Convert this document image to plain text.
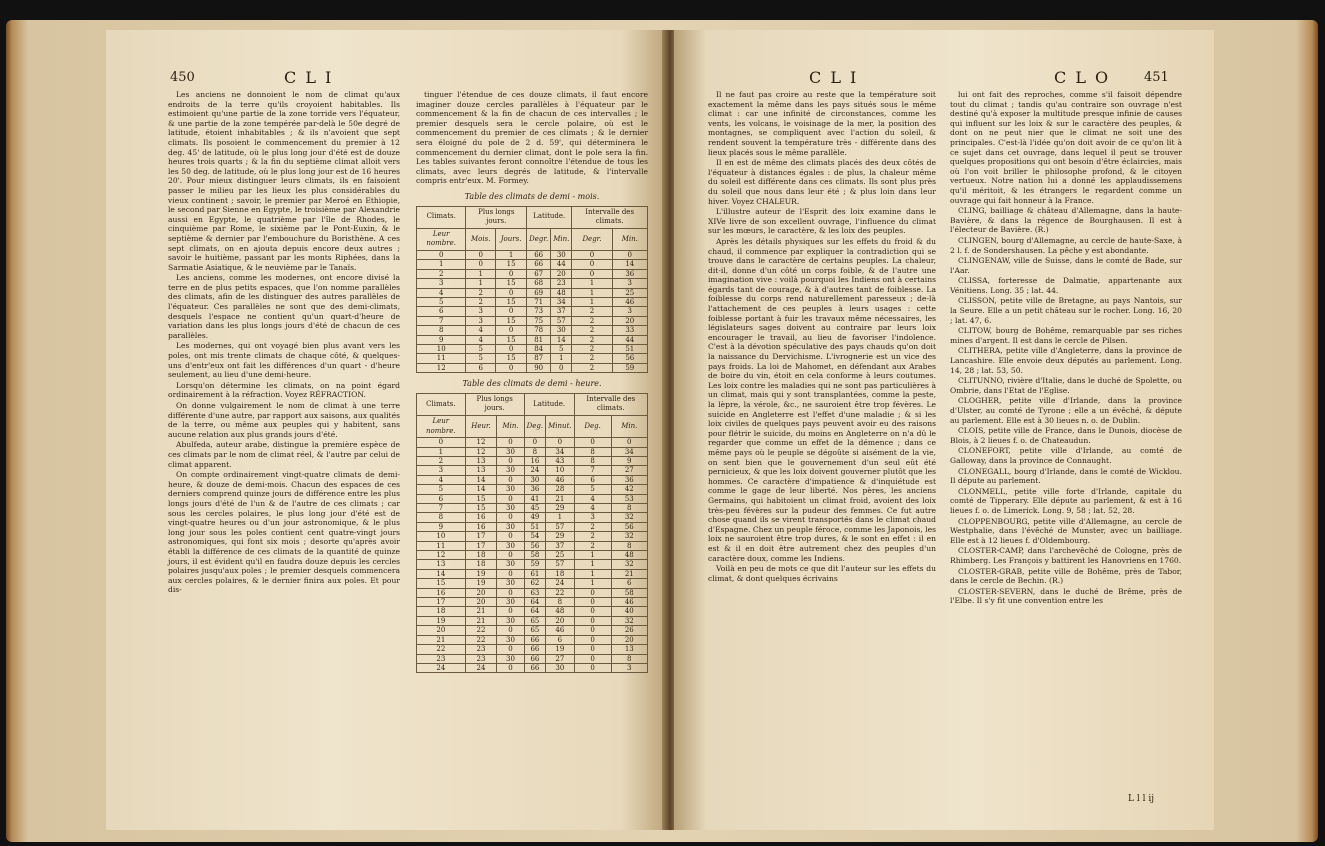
450	C L I

Les anciens ne donnoient le nom de climat qu'aux endroits de la terre qu'ils croyoient habitables. Ils estimoient qu'une partie de la zone torride vers l'équateur, & une partie de la zone tempérée par-delà le 50e degré de latitude, étoient inhabitables ; & ils n'avoient que sept climats. Ils posoient le commencement du premier à 12 deg. 45' de latitude, où le plus long jour d'été est de douze heures trois quarts ; & la fin du septième climat alloit vers les 50 deg. de latitude, où le plus long jour est de 16 heures 20'. Pour mieux distinguer leurs climats, ils en faisoient passer le milieu par les lieux les plus considérables du vieux continent ; savoir, le premier par Meroé en Ethiopie, le second par Sienne en Egypte, le troisième par Alexandrie aussi en Egypte, le quatrième par l'île de Rhodes, le cinquième par Rome, le sixième par le Pont-Euxin, & le septième & dernier par l'embouchure du Boristhène. A ces sept climats, on en ajouta depuis encore deux autres ; savoir le huitième, passant par les monts Riphées, dans la Sarmatie Asiatique, & le neuvième par le Tanaïs.

Les anciens, comme les modernes, ont encore divisé la terre en de plus petits espaces, que l'on nomme parallèles des climats, afin de les distinguer des autres parallèles de l'équateur. Ces parallèles ne sont que des demi-climats, desquels l'espace ne contient qu'un quart-d'heure de variation dans les plus longs jours d'été de chacun de ces parallèles.

Les modernes, qui ont voyagé bien plus avant vers les poles, ont mis trente climats de chaque côté, & quelques-uns d'entr'eux ont fait les différences d'un quart - d'heure seulement, au lieu d'une demi-heure.

Lorsqu'on détermine les climats, on na point égard ordinairement à la réfraction. Voyez RÉFRACTION.

On donne vulgairement le nom de climat à une terre différente d'une autre, par rapport aux saisons, aux qualités de la terre, ou même aux peuples qui y habitent, sans aucune relation aux plus grands jours d'été.

Abulfeda, auteur arabe, distingue la première espèce de ces climats par le nom de climat réel, & l'autre par celui de climat apparent.

On compte ordinairement vingt-quatre climats de demi-heure, & douze de demi-mois. Chacun des espaces de ces derniers comprend quinze jours de différence entre les plus longs jours d'été de l'un & de l'autre de ces climats ; car sous les cercles polaires, le plus long jour d'été est de vingt-quatre heures ou d'un jour astronomique, & le plus long jour sous les poles contient cent quatre-vingt jours astronomiques, qui font six mois ; desorte qu'après avoir établi la différence de ces climats de la quantité de quinze jours, il est évident qu'il en faudra douze depuis les cercles polaires jusqu'aux poles ; le premier desquels commencera aux cercles polaires, & le dernier finira aux poles. Et pour dis-

tinguer l'étendue de ces douze climats, il faut encore imaginer douze cercles parallèles à l'équateur par le commencement & la fin de chacun de ces intervalles ; le premier desquels sera le cercle polaire, où est le commencement du premier de ces climats ; & le dernier sera éloigné du pole de 2 d. 59', qui déterminera le commencement du dernier climat, dont le pole sera la fin. Les tables suivantes feront connoître l'étendue de tous les climats, avec leurs degrés de latitude, & l'intervalle compris entr'eux. M. Formey.

Table des climats de demi - mois.
Climats.	Plus longs jours.		Latitude.		Intervalle des climats.	
Leur nombre.	Mois.	Jours.	Degr.	Min.	Degr.	Min.
0	0	1	66	30	0	0
1	0	15	66	44	0	14
2	1	0	67	20	0	36
3	1	15	68	23	1	3
4	2	0	69	48	1	25
5	2	15	71	34	1	46
6	3	0	73	37	2	3
7	3	15	75	57	2	20
8	4	0	78	30	2	33
9	4	15	81	14	2	44
10	5	0	84	5	2	51
11	5	15	87	1	2	56
12	6	0	90	0	2	59
Table des climats de demi - heure.
Climats.	Plus longs jours.		Latitude.		Intervalle des climats.	
Leur nombre.	Heur.	Min.	Deg.	Minut.	Deg.	Min.
0	12	0	0	0	0	0
1	12	30	8	34	8	34
2	13	0	16	43	8	9
3	13	30	24	10	7	27
4	14	0	30	46	6	36
5	14	30	36	28	5	42
6	15	0	41	21	4	53
7	15	30	45	29	4	8
8	16	0	49	1	3	32
9	16	30	51	57	2	56
10	17	0	54	29	2	32
11	17	30	56	37	2	8
12	18	0	58	25	1	48
13	18	30	59	57	1	32
14	19	0	61	18	1	21
15	19	30	62	24	1	6
16	20	0	63	22	0	58
17	20	30	64	8	0	46
18	21	0	64	48	0	40
19	21	30	65	20	0	32
20	22	0	65	46	0	26
21	22	30	66	6	0	20
22	23	0	66	19	0	13
23	23	30	66	27	0	8
24	24	0	66	30	0	3
C L I	C L O	451

Il ne faut pas croire au reste que la température soit exactement la même dans les pays situés sous le même climat : car une infinité de circonstances, comme les vents, les volcans, le voisinage de la mer, la position des montagnes, se compliquent avec l'action du soleil, & rendent souvent la température très - différente dans des lieux placés sous le même parallèle.

Il en est de même des climats placés des deux côtés de l'équateur à distances égales : de plus, la chaleur même du soleil est différente dans ces climats. Ils sont plus près du soleil que nous dans leur été ; & plus loin dans leur hiver. Voyez CHALEUR.

L'illustre auteur de l'Esprit des loix examine dans le XIVe livre de son excellent ouvrage, l'influence du climat sur les mœurs, le caractère, & les loix des peuples.

Après les détails physiques sur les effets du froid & du chaud, il commence par expliquer la contradiction qui se trouve dans le caractère de certains peuples. La chaleur, dit-il, donne d'un côté un corps foible, & de l'autre une imagination vive : voilà pourquoi les Indiens ont à certains égards tant de courage, & à d'autres tant de foiblesse. La foiblesse du corps rend naturellement paresseux ; de-là l'attachement de ces peuples à leurs usages : cette foiblesse portant à fuir les travaux même nécessaires, les législateurs sages doivent au contraire par leurs loix encourager le travail, au lieu de favoriser l'indolence. C'est à la dévotion spéculative des pays chauds qu'on doit la naissance du Dervichisme. L'ivrognerie est un vice des pays froids. La loi de Mahomet, en défendant aux Arabes de boire du vin, étoit en cela conforme à leurs coutumes. Les loix contre les maladies qui ne sont pas particulières à un climat, mais qui y sont transplantées, comme la peste, la lèpre, la vérole, &c., ne sauroient être trop févères. Le suicide en Angleterre est l'effet d'une maladie ; & si les loix civiles de quelques pays peuvent avoir eu des raisons pour flétrir le suicide, du moins en Angleterre on n'a dû le regarder que comme un effet de la démence ; dans ce même pays où le peuple se dégoûte si aisément de la vie, on sent bien que le gouvernement d'un seul eût été pernicieux, & que les loix doivent gouverner plutôt que les hommes. Ce caractère d'impatience & d'inquiétude est comme le gage de leur liberté. Nos pères, les anciens Germains, qui habitoient un climat froid, avoient des loix très-peu févères sur la pudeur des femmes. Ce fut autre chose quand ils se virent transportés dans le climat chaud d'Espagne. Chez un peuple féroce, comme les Japonois, les loix ne sauroient être trop dures, & le sont en effet : il en est & il en doit être autrement chez des peuples d'un caractère doux, comme les Indiens.

Voilà en peu de mots ce que dit l'auteur sur les effets du climat, & dont quelques écrivains

lui ont fait des reproches, comme s'il faisoit dépendre tout du climat ; tandis qu'au contraire son ouvrage n'est destiné qu'à exposer la multitude presque infinie de causes qui influent sur les loix & sur le caractère des peuples, & dont on ne peut nier que le climat ne soit une des principales. C'est-là l'idée qu'on doit avoir de ce qu'on lit à ce sujet dans cet ouvrage, dans lequel il peut se trouver quelques propositions qui ont besoin d'être éclaircies, mais où l'on voit briller le philosophe profond, & le citoyen vertueux. Notre nation lui a donné les applaudissemens qu'il méritoit, & les étrangers le regardent comme un ouvrage qui fait honneur à la France.

CLING, bailliage & château d'Allemagne, dans la haute-Bavière, & dans la régence de Bourghausen. Il est à l'électeur de Bavière. (R.)

CLINGEN, bourg d'Allemagne, au cercle de haute-Saxe, à 2 l. f. de Sondershausen. La pêche y est abondante.

CLINGENAW, ville de Suisse, dans le comté de Bade, sur l'Aar.

CLISSA, forteresse de Dalmatie, appartenante aux Vénitiens. Long. 35 ; lat. 44.

CLISSON, petite ville de Bretagne, au pays Nantois, sur la Seure. Elle a un petit château sur le rocher. Long. 16, 20 ; lat. 47, 6.

CLITOW, bourg de Bohême, remarquable par ses riches mines d'argent. Il est dans le cercle de Pilsen.

CLITHERA, petite ville d'Angleterre, dans la province de Lancashire. Elle envoie deux députés au parlement. Long. 14, 28 ; lat. 53, 50.

CLITUNNO, rivière d'Italie, dans le duché de Spolette, ou Ombrie, dans l'Etat de l'Eglise.

CLOGHER, petite ville d'Irlande, dans la province d'Ulster, au comté de Tyrone ; elle a un évêché, & députe au parlement. Elle est à 30 lieues n. o. de Dublin.

CLOIS, petite ville de France, dans le Dunois, diocèse de Blois, à 2 lieues f. o. de Chateaudun.

CLONEFORT, petite ville d'Irlande, au comté de Galloway, dans la province de Connaught.

CLONEGALL, bourg d'Irlande, dans le comté de Wicklou. Il députe au parlement.

CLONMELL, petite ville forte d'Irlande, capitale du comté de Tipperary. Elle députe au parlement, & est à 16 lieues f. o. de Limerick. Long. 9, 58 ; lat. 52, 28.

CLOPPENBOURG, petite ville d'Allemagne, au cercle de Westphalie, dans l'évêché de Munster, avec un bailliage. Elle est à 12 lieues f. d'Oldembourg.

CLOSTER-CAMP, dans l'archevêché de Cologne, près de Rhimberg. Les François y battirent les Hanovriens en 1760.

CLOSTER-GRAB, petite ville de Bohême, près de Tabor, dans le cercle de Bechin. (R.)

CLOSTER-SEVERN, dans le duché de Brême, près de l'Elbe. Il s'y fit une convention entre les

L l l ij
